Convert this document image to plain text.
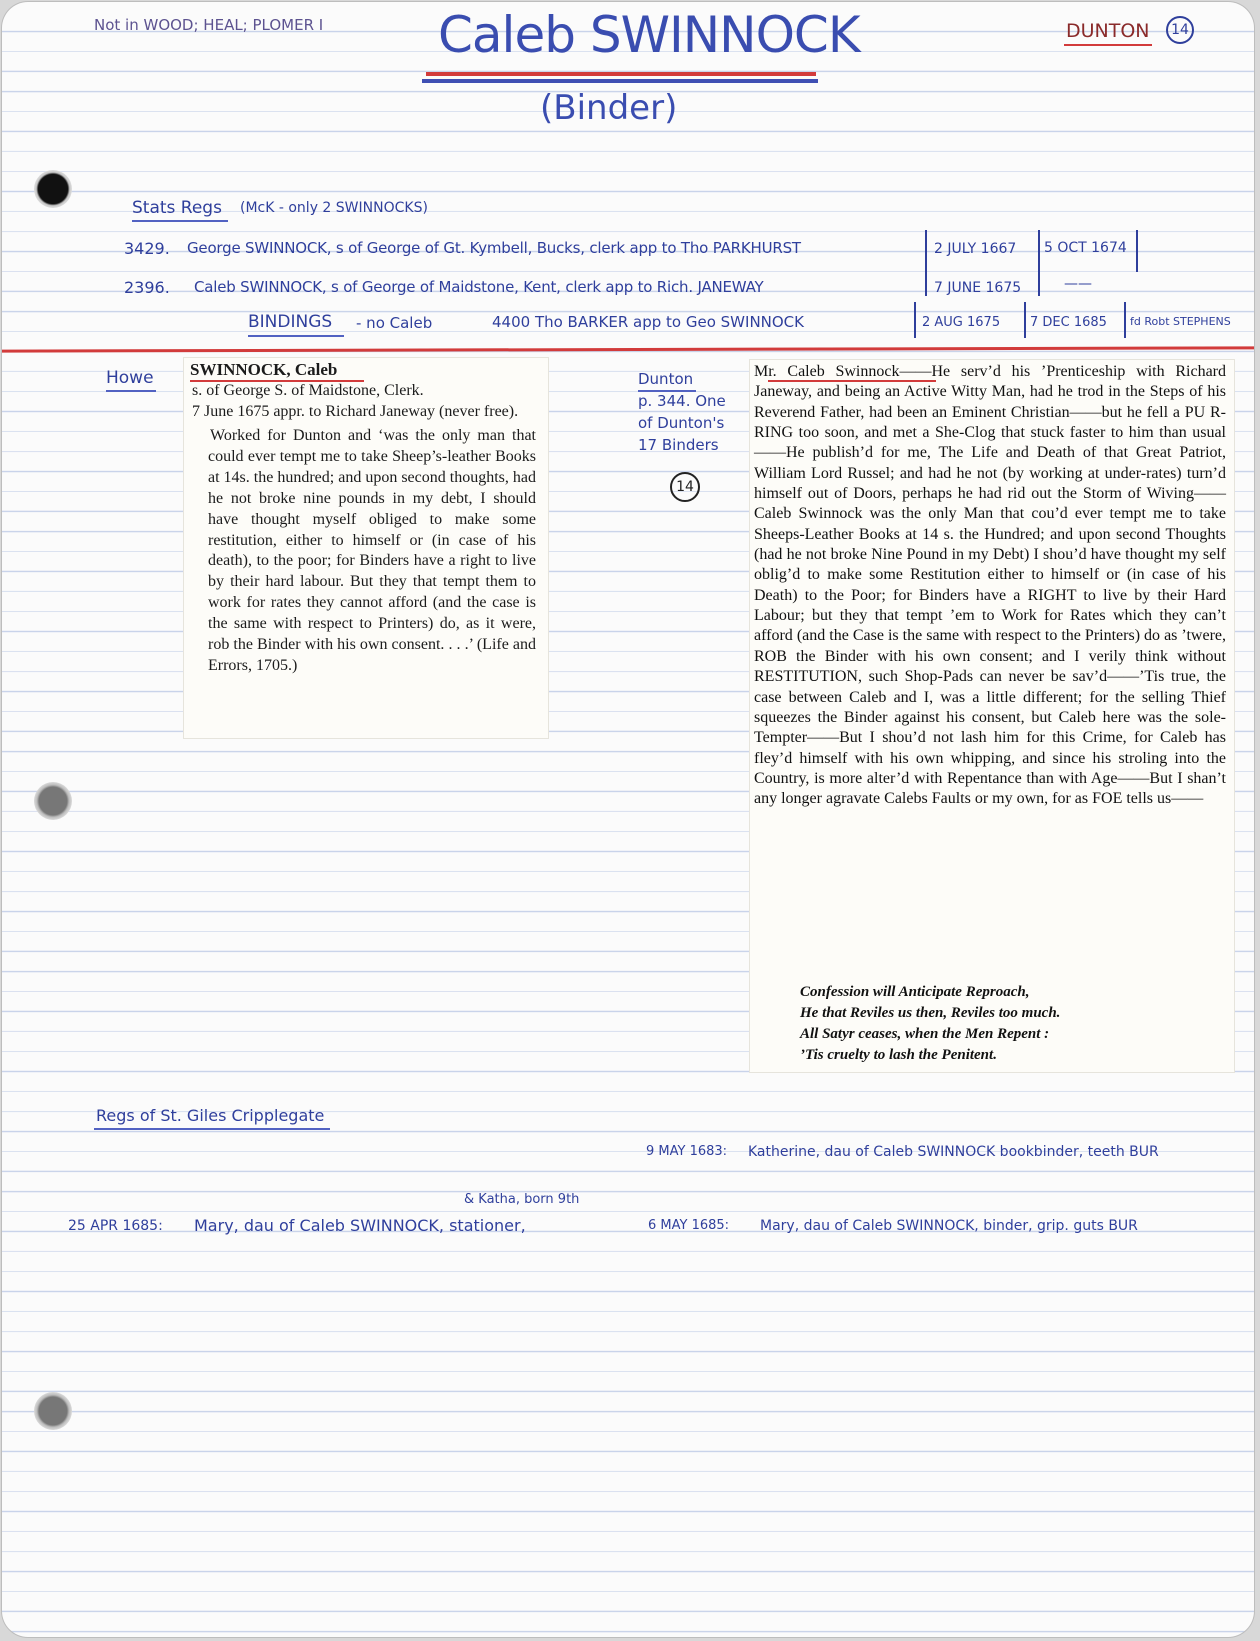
Not in WOOD; HEAL; PLOMER I Caleb SWINNOCK
(Binder)
DUNTON	14
Stats Regs (McK - only 2 SWINNOCKS)
3429. George SWINNOCK, s of George of Gt. Kymbell, Bucks, clerk app to Tho PARKHURST	2 JULY 1667 5 OCT 1674
2396. Caleb SWINNOCK, s of George of Maidstone, Kent, clerk app to Rich. JANEWAY	7 JUNE 1675	——
BINDINGS - no Caleb	4400 Tho BARKER app to Geo SWINNOCK	2 AUG 1675 7 DEC 1685 fd Robt STEPHENS
Howe SWINNOCK, Caleb
s. of George S. of Maidstone, Clerk.
7 June 1675 appr. to Richard Janeway (never free).
Worked for Dunton and ‘was the only man that could ever tempt me to take Sheep’s-leather Books at 14s. the hundred; and upon second thoughts, had he not broke nine pounds in my debt, I should have thought myself obliged to make some restitution, either to himself or (in case of his death), to the poor; for Binders have a right to live by their hard labour. But they that tempt them to work for rates they cannot afford (and the case is the same with respect to Printers) do, as it were, rob the Binder with his own consent. . . .’ (Life and Errors, 1705.)
Dunton
p. 344. One
of Dunton's
17 Binders
14
Mr. Caleb Swinnock——He serv’d his ’Prenticeship with Richard Janeway, and being an Active Witty Man, had he trod in the Steps of his Reverend Father, had been an Eminent Christian——but he fell a PU R-RING too soon, and met a She-Clog that stuck faster to him than usual——He publish’d for me, The Life and Death of that Great Patriot, William Lord Russel; and had he not (by working at under-rates) turn’d himself out of Doors, perhaps he had rid out the Storm of Wiving——Caleb Swinnock was the only Man that cou’d ever tempt me to take Sheeps-Leather Books at 14 s. the Hundred; and upon second Thoughts (had he not broke Nine Pound in my Debt) I shou’d have thought my self oblig’d to make some Restitution either to himself or (in case of his Death) to the Poor; for Binders have a RIGHT to live by their Hard Labour; but they that tempt ’em to Work for Rates which they can’t afford (and the Case is the same with respect to the Printers) do as ’twere, ROB the Binder with his own consent; and I verily think without RESTITUTION, such Shop-Pads can never be sav’d——’Tis true, the case between Caleb and I, was a little different; for the selling Thief squeezes the Binder against his consent, but Caleb here was the sole-Tempter——But I shou’d not lash him for this Crime, for Caleb has fley’d himself with his own whipping, and since his stroling into the Country, is more alter’d with Repentance than with Age——But I shan’t any longer agravate Calebs Faults or my own, for as FOE tells us——
Confession will Anticipate Reproach,
He that Reviles us then, Reviles too much.
All Satyr ceases, when the Men Repent :
’Tis cruelty to lash the Penitent.
Regs of St. Giles Cripplegate
9 MAY 1683: Katherine, dau of Caleb SWINNOCK bookbinder, teeth BUR
& Katha, born 9th
25 APR 1685: Mary, dau of Caleb SWINNOCK, stationer,	6 MAY 1685: Mary, dau of Caleb SWINNOCK, binder, grip. guts BUR
